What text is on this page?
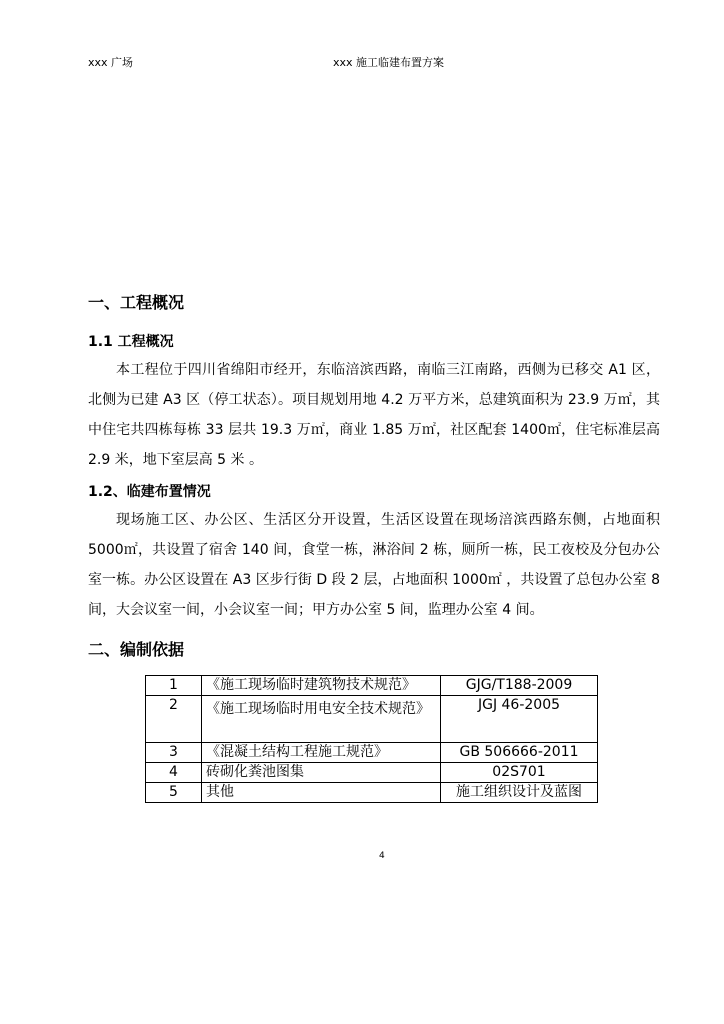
xxx 广场	xxx 施工临建布置方案
一、工程概况
1.1 工程概况

本工程位于四川省绵阳市经开，东临涪滨西路，南临三江南路，西侧为已移交 A1 区，北侧为已建 A3 区（停工状态）。项目规划用地 4.2 万平方米，总建筑面积为 23.9 万㎡，其中住宅共四栋每栋 33 层共 19.3 万㎡，商业 1.85 万㎡，社区配套 1400㎡，住宅标准层高 2.9 米，地下室层高 5 米 。

1.2、临建布置情况

现场施工区、办公区、生活区分开设置，生活区设置在现场涪滨西路东侧，占地面积 5000㎡，共设置了宿舍 140 间，食堂一栋，淋浴间 2 栋，厕所一栋，民工夜校及分包办公室一栋。办公区设置在 A3 区步行街 D 段 2 层，占地面积 1000㎡ ，共设置了总包办公室 8 间，大会议室一间，小会议室一间；甲方办公室 5 间，监理办公室 4 间。

二、编制依据
1	《施工现场临时建筑物技术规范》	GJG/T188-2009
2	《施工现场临时用电安全技术规范》	JGJ 46-2005
3	《混凝土结构工程施工规范》	GB 506666-2011
4	砖砌化粪池图集	02S701
5	其他	施工组织设计及蓝图
4
